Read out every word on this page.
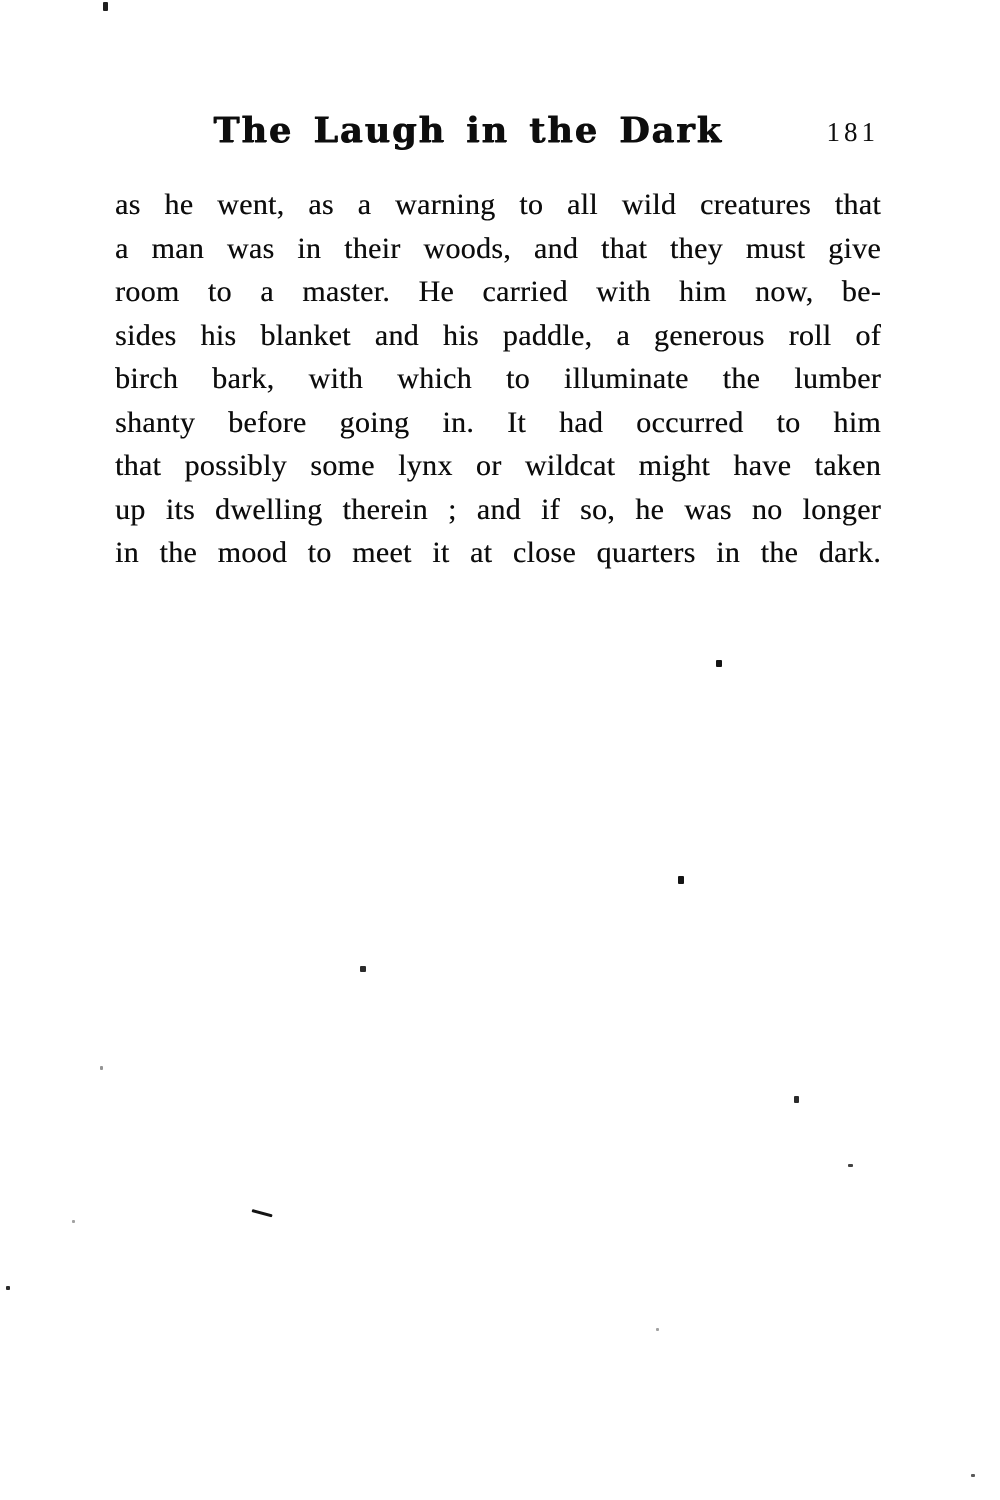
The Laugh in the Dark	181

as he went, as a warning to all wild creatures that

a man was in their woods, and that they must give

room to a master. He carried with him now, be-

sides his blanket and his paddle, a generous roll of

birch bark, with which to illuminate the lumber

shanty before going in. It had occurred to him

that possibly some lynx or wildcat might have taken

up its dwelling therein ; and if so, he was no longer

in the mood to meet it at close quarters in the dark.
